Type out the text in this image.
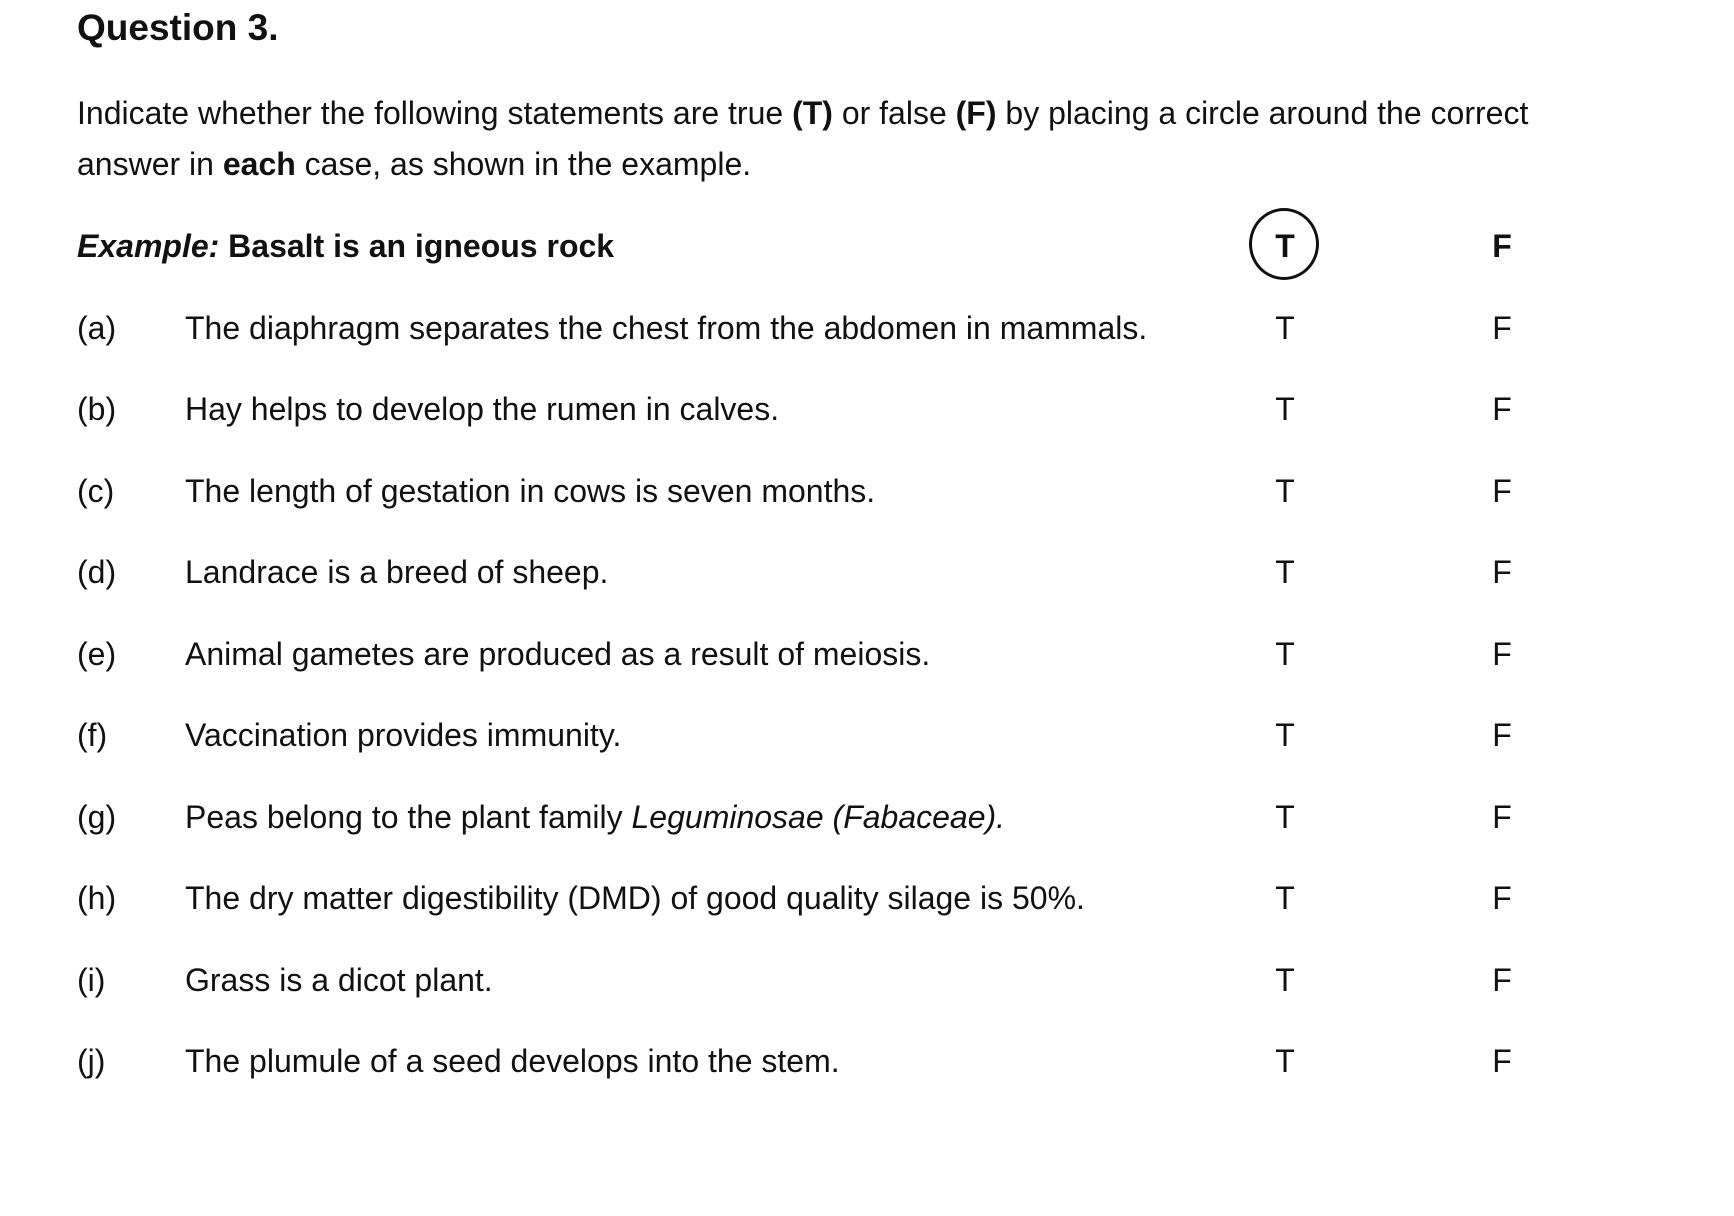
Question 3.

Indicate whether the following statements are true (T) or false (F) by placing a circle around the correct answer in each case, as shown in the example.

Example: Basalt is an igneous rock	T	F
(a) The diaphragm separates the chest from the abdomen in mammals.	T	F
(b) Hay helps to develop the rumen in calves.	T	F
(c) The length of gestation in cows is seven months.	T	F
(d) Landrace is a breed of sheep.	T	F
(e) Animal gametes are produced as a result of meiosis.	T	F
(f) Vaccination provides immunity.	T	F
(g) Peas belong to the plant family Leguminosae (Fabaceae).	T	F
(h) The dry matter digestibility (DMD) of good quality silage is 50%.	T	F
(i) Grass is a dicot plant.	T	F
(j) The plumule of a seed develops into the stem.	T	F
